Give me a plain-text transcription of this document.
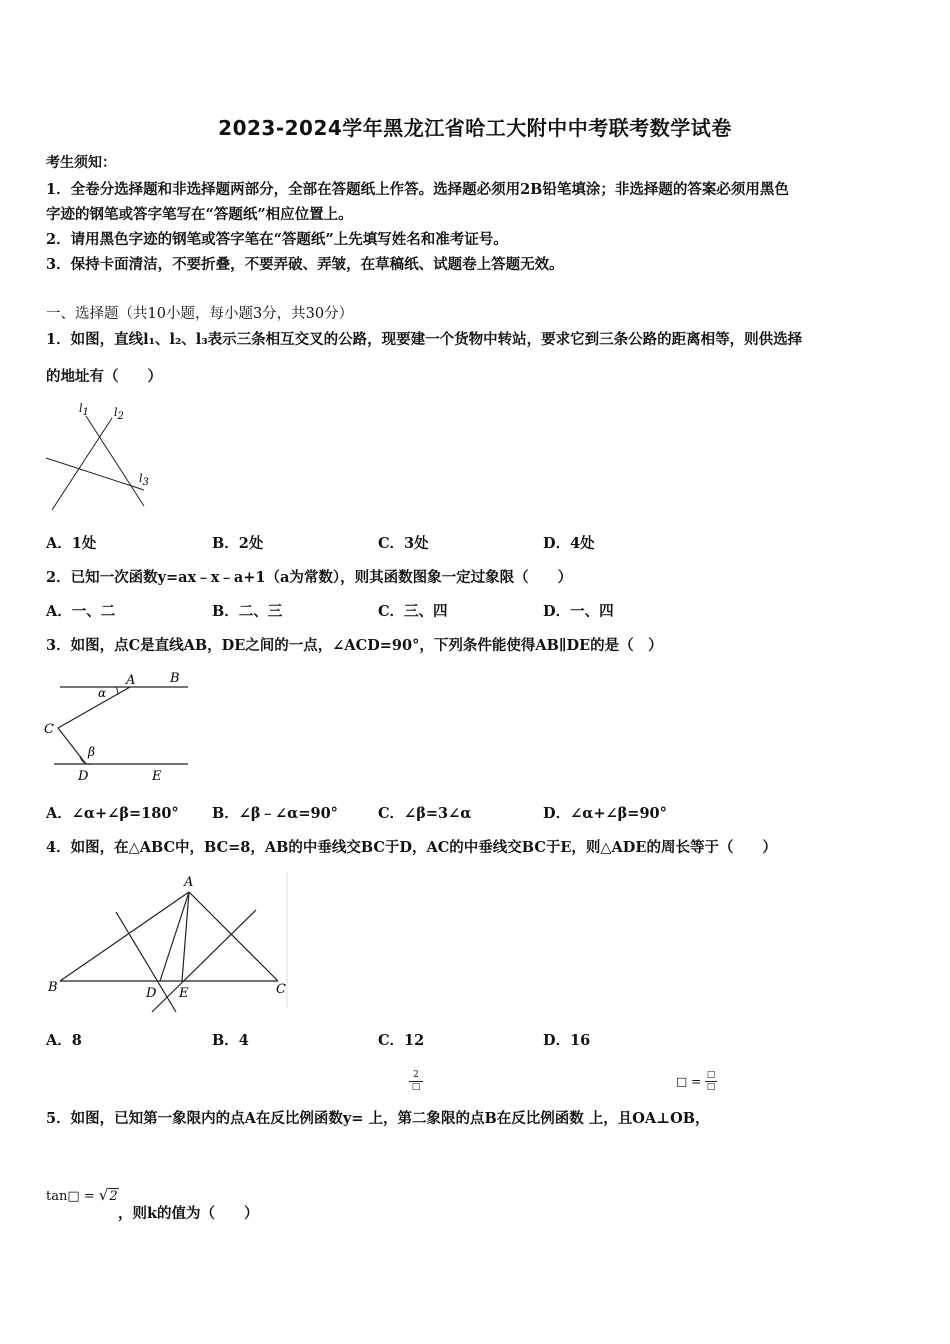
2023-2024学年黑龙江省哈工大附中中考联考数学试卷
考生须知：
1．全卷分选择题和非选择题两部分，全部在答题纸上作答。选择题必须用2B铅笔填涂；非选择题的答案必须用黑色
字迹的钢笔或答字笔写在“答题纸”相应位置上。
2．请用黑色字迹的钢笔或答字笔在“答题纸”上先填写姓名和准考证号。
3．保持卡面清洁，不要折叠，不要弄破、弄皱，在草稿纸、试题卷上答题无效。
一、选择题（共10小题，每小题3分，共30分）
1．如图，直线l₁、l₂、l₃表示三条相互交叉的公路，现要建一个货物中转站，要求它到三条公路的距离相等，则供选择
的地址有（　　）
l1 l2
l3
A．1处	B．2处	C．3处	D．4处
2．已知一次函数y=ax﹣x﹣a+1（a为常数），则其函数图象一定过象限（　　）
A．一、二	B．二、三	C．三、四	D．一、四
3．如图，点C是直线AB，DE之间的一点，∠ACD=90°，下列条件能使得AB∥DE的是（　）
A	B
C
D	E
α
β
A．∠α+∠β=180° B．∠β﹣∠α=90°	C．∠β=3∠α	D．∠α+∠β=90°
4．如图，在△ABC中，BC=8，AB的中垂线交BC于D，AC的中垂线交BC于E，则△ADE的周长等于（　　）
A
B	C
D E
A．8	B．4	C．12	D．16
2
□	□ = □
□
5．如图，已知第一象限内的点A在反比例函数y= 上，第二象限的点B在反比例函数 上，且OA⊥OB，
tan□ = √2
，则k的值为（　　）
